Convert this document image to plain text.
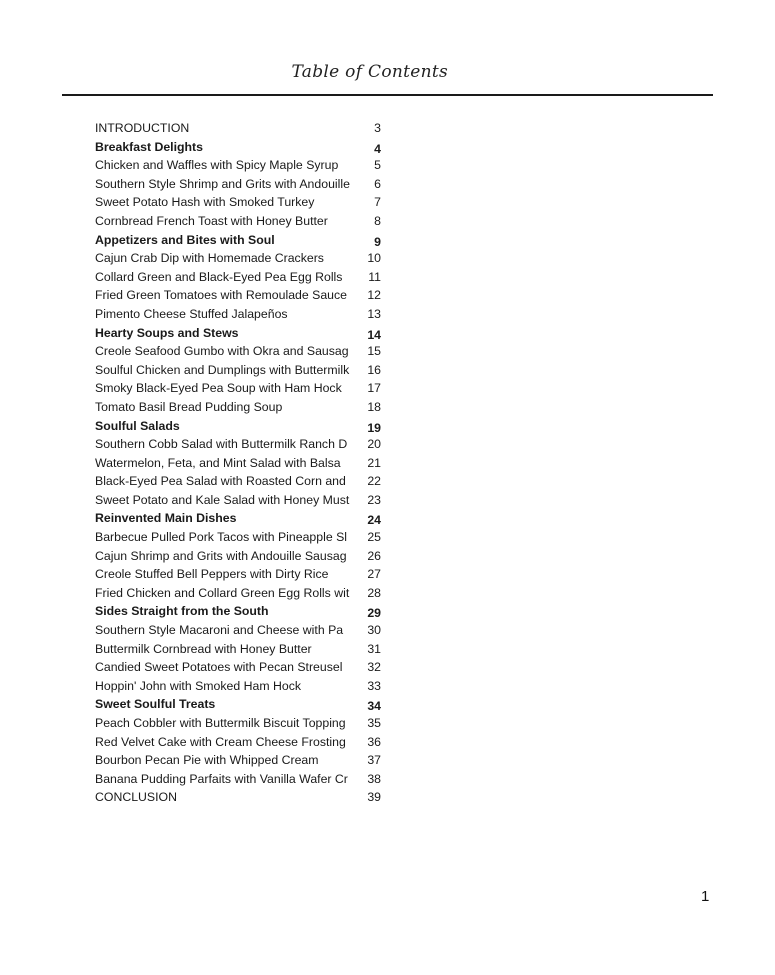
Table of Contents
INTRODUCTION	3
Breakfast Delights	4
Chicken and Waffles with Spicy Maple Syrup	5
Southern Style Shrimp and Grits with Andouille	6
Sweet Potato Hash with Smoked Turkey	7
Cornbread French Toast with Honey Butter	8
Appetizers and Bites with Soul	9
Cajun Crab Dip with Homemade Crackers	10
Collard Green and Black-Eyed Pea Egg Rolls	11
Fried Green Tomatoes with Remoulade Sauce	12
Pimento Cheese Stuffed Jalapeños	13
Hearty Soups and Stews	14
Creole Seafood Gumbo with Okra and Sausag	15
Soulful Chicken and Dumplings with Buttermilk	16
Smoky Black-Eyed Pea Soup with Ham Hock	17
Tomato Basil Bread Pudding Soup	18
Soulful Salads	19
Southern Cobb Salad with Buttermilk Ranch D	20
Watermelon, Feta, and Mint Salad with Balsa	21
Black-Eyed Pea Salad with Roasted Corn and	22
Sweet Potato and Kale Salad with Honey Must	23
Reinvented Main Dishes	24
Barbecue Pulled Pork Tacos with Pineapple Sl	25
Cajun Shrimp and Grits with Andouille Sausag	26
Creole Stuffed Bell Peppers with Dirty Rice	27
Fried Chicken and Collard Green Egg Rolls wit	28
Sides Straight from the South	29
Southern Style Macaroni and Cheese with Pa	30
Buttermilk Cornbread with Honey Butter	31
Candied Sweet Potatoes with Pecan Streusel	32
Hoppin' John with Smoked Ham Hock	33
Sweet Soulful Treats	34
Peach Cobbler with Buttermilk Biscuit Topping	35
Red Velvet Cake with Cream Cheese Frosting	36
Bourbon Pecan Pie with Whipped Cream	37
Banana Pudding Parfaits with Vanilla Wafer Cr	38
CONCLUSION	39
1
